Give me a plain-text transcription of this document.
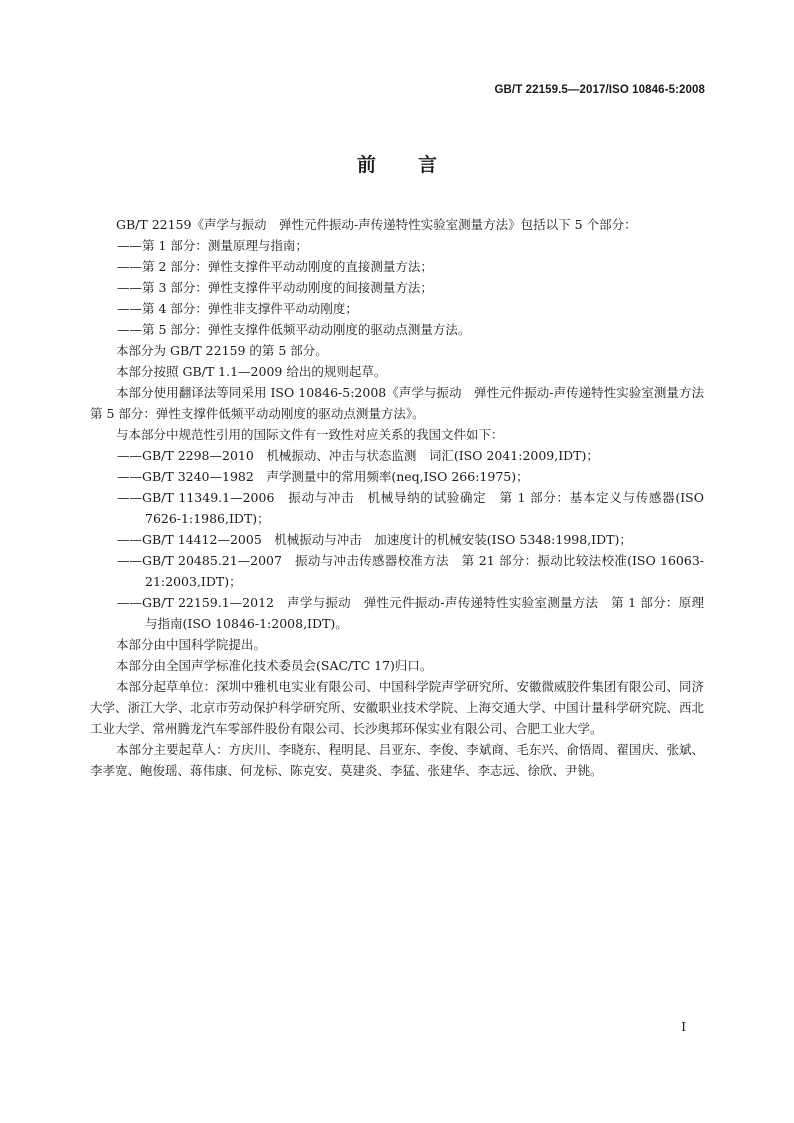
GB/T 22159.5—2017/ISO 10846-5:2008
前言

GB/T 22159《声学与振动　弹性元件振动-声传递特性实验室测量方法》包括以下 5 个部分：

——第 1 部分：测量原理与指南；

——第 2 部分：弹性支撑件平动动刚度的直接测量方法；

——第 3 部分：弹性支撑件平动动刚度的间接测量方法；

——第 4 部分：弹性非支撑件平动动刚度；

——第 5 部分：弹性支撑件低频平动动刚度的驱动点测量方法。

本部分为 GB/T 22159 的第 5 部分。

本部分按照 GB/T 1.1—2009 给出的规则起草。

本部分使用翻译法等同采用 ISO 10846-5:2008《声学与振动　弹性元件振动-声传递特性实验室测量方法　第 5 部分：弹性支撑件低频平动动刚度的驱动点测量方法》。

与本部分中规范性引用的国际文件有一致性对应关系的我国文件如下：

——GB/T 2298—2010　机械振动、冲击与状态监测　词汇(ISO 2041:2009,IDT)；

——GB/T 3240—1982　声学测量中的常用频率(neq,ISO 266:1975)；

——GB/T 11349.1—2006　振动与冲击　机械导纳的试验确定　第 1 部分：基本定义与传感器(ISO 7626-1:1986,IDT)；

——GB/T 14412—2005　机械振动与冲击　加速度计的机械安装(ISO 5348:1998,IDT)；

——GB/T 20485.21—2007　振动与冲击传感器校准方法　第 21 部分：振动比较法校准(ISO 16063-21:2003,IDT)；

——GB/T 22159.1—2012　声学与振动　弹性元件振动-声传递特性实验室测量方法　第 1 部分：原理与指南(ISO 10846-1:2008,IDT)。

本部分由中国科学院提出。

本部分由全国声学标准化技术委员会(SAC/TC 17)归口。

本部分起草单位：深圳中雅机电实业有限公司、中国科学院声学研究所、安徽微威胶件集团有限公司、同济大学、浙江大学、北京市劳动保护科学研究所、安徽职业技术学院、上海交通大学、中国计量科学研究院、西北工业大学、常州腾龙汽车零部件股份有限公司、长沙奥邦环保实业有限公司、合肥工业大学。

本部分主要起草人：方庆川、李晓东、程明昆、吕亚东、李俊、李斌商、毛东兴、俞悟周、翟国庆、张斌、李孝宽、鲍俊瑶、蒋伟康、何龙标、陈克安、莫建炎、李猛、张建华、李志远、徐欣、尹铫。

I
